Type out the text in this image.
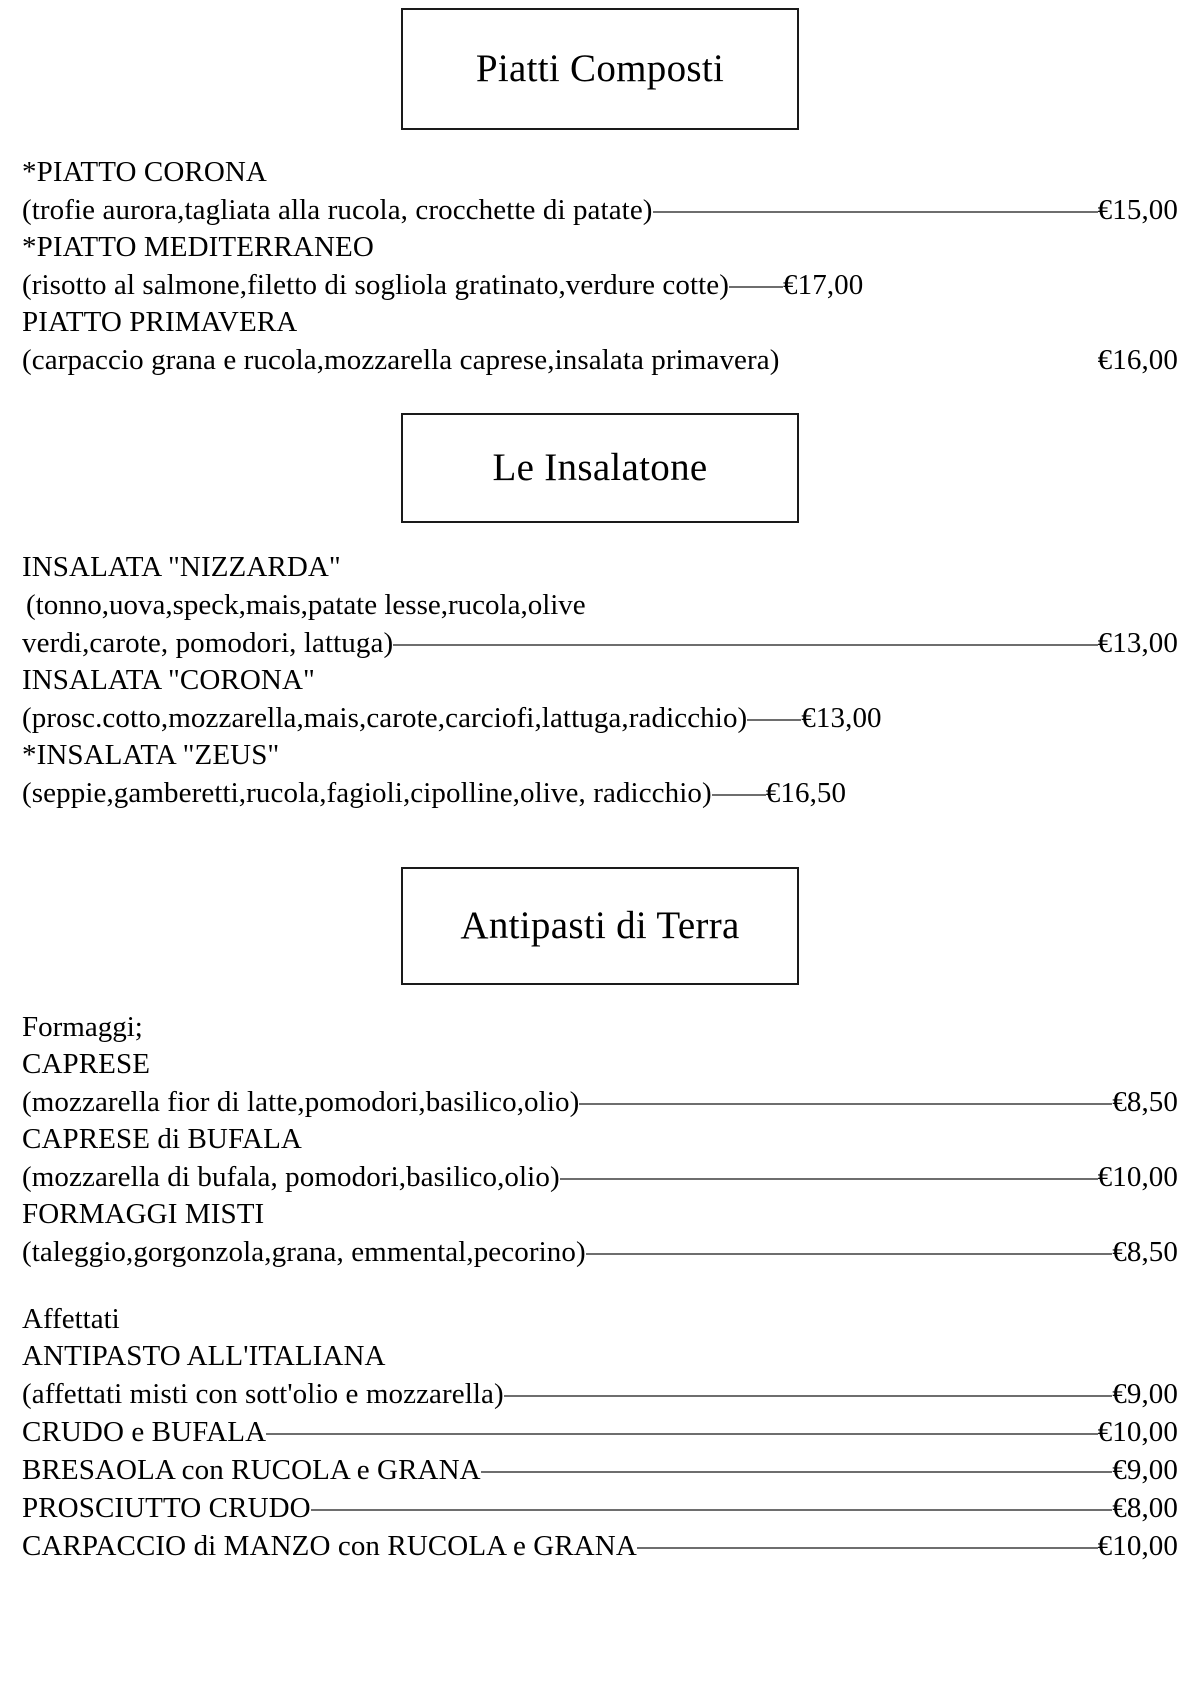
Piatti Composti
*PIATTO CORONA
(trofie aurora,tagliata alla rucola, crocchette di patate)	€15,00
*PIATTO MEDITERRANEO
(risotto al salmone,filetto di sogliola gratinato,verdure cotte) €17,00
PIATTO PRIMAVERA
(carpaccio grana e rucola,mozzarella caprese,insalata primavera)	€16,00
Le Insalatone
INSALATA "NIZZARDA"
(tonno,uova,speck,mais,patate lesse,rucola,olive
verdi,carote, pomodori, lattuga)	€13,00
INSALATA "CORONA"
(prosc.cotto,mozzarella,mais,carote,carciofi,lattuga,radicchio) €13,00
*INSALATA "ZEUS"
(seppie,gamberetti,rucola,fagioli,cipolline,olive, radicchio) €16,50
Antipasti di Terra
Formaggi;
CAPRESE
(mozzarella fior di latte,pomodori,basilico,olio)	€8,50
CAPRESE di BUFALA
(mozzarella di bufala, pomodori,basilico,olio)	€10,00
FORMAGGI MISTI
(taleggio,gorgonzola,grana, emmental,pecorino)	€8,50
Affettati
ANTIPASTO ALL'ITALIANA
(affettati misti con sott'olio e mozzarella)	€9,00
CRUDO e BUFALA	€10,00
BRESAOLA con RUCOLA e GRANA	€9,00
PROSCIUTTO CRUDO	€8,00
CARPACCIO di MANZO con RUCOLA e GRANA	€10,00
